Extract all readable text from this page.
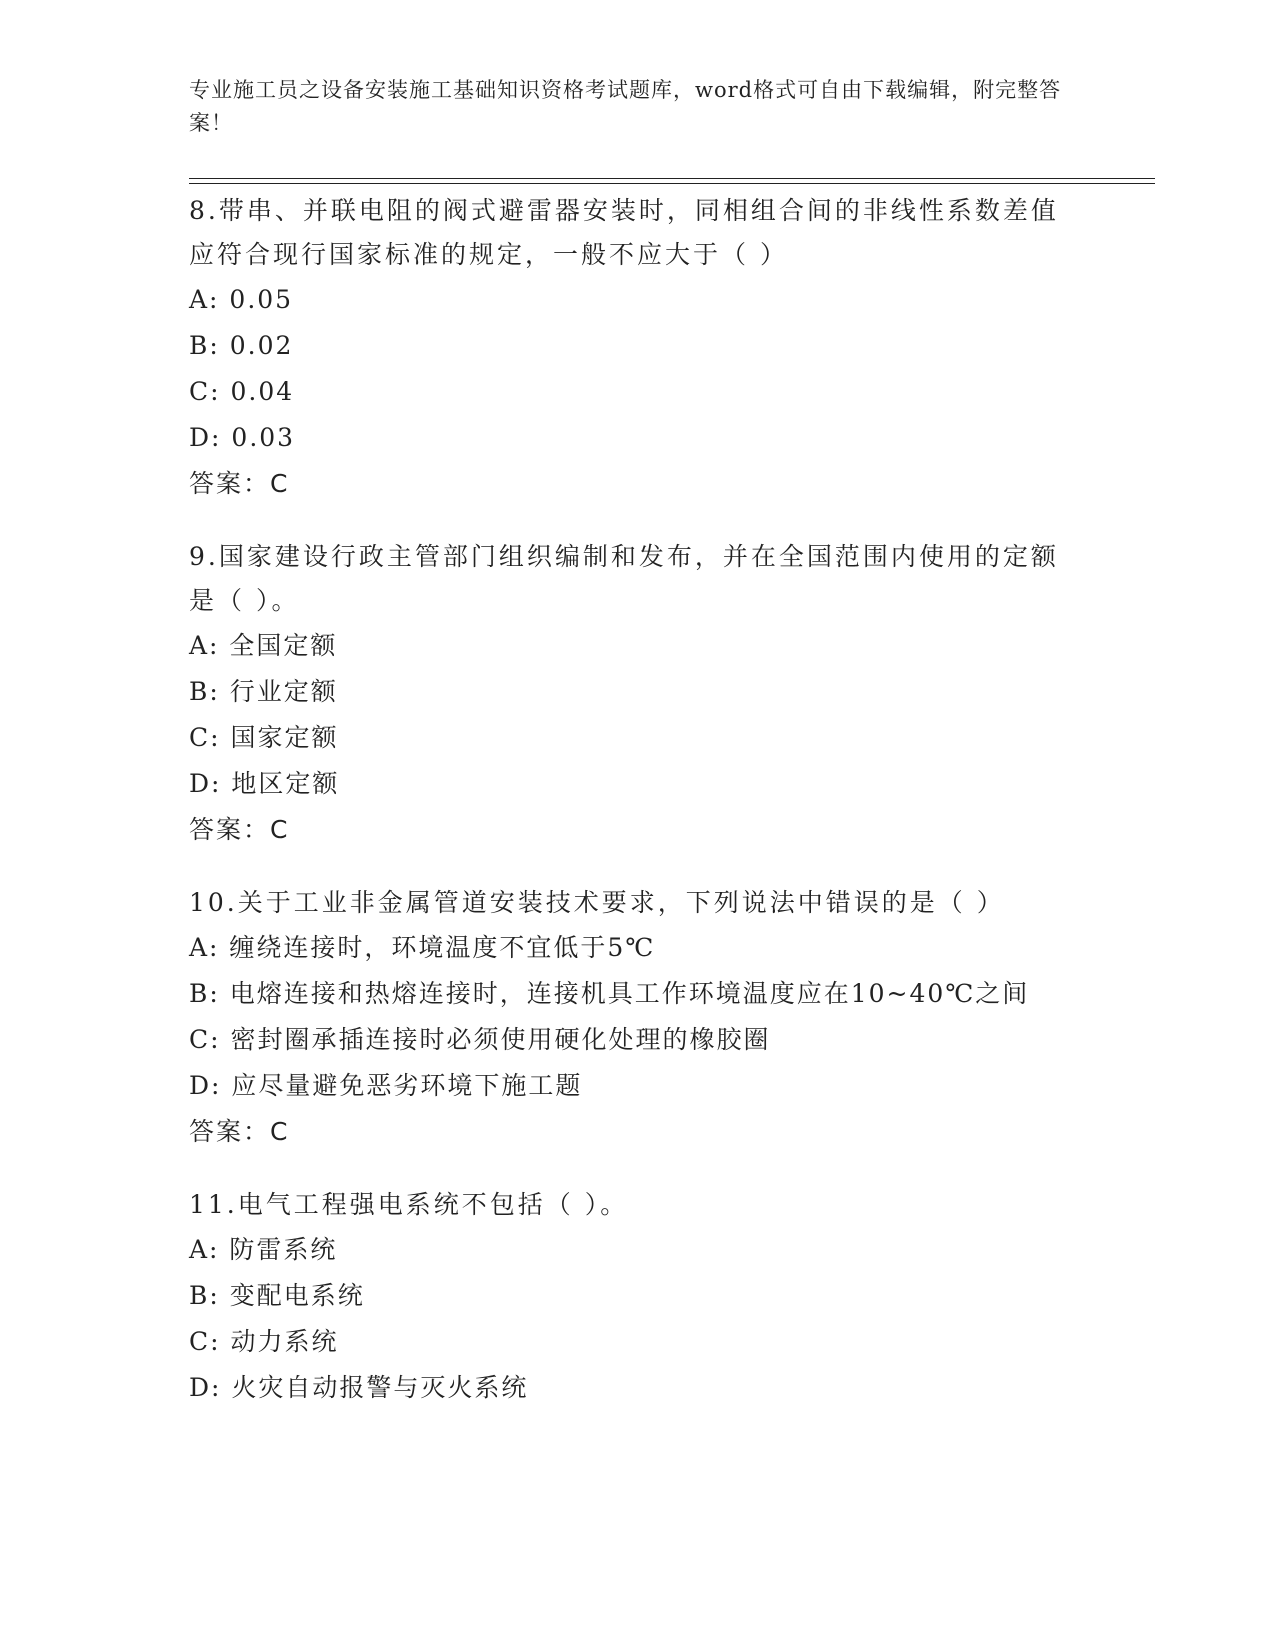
专业施工员之设备安装施工基础知识资格考试题库，word格式可自由下载编辑，附完整答案！
8.带串、并联电阻的阀式避雷器安装时，同相组合间的非线性系数差值应符合现行国家标准的规定，一般不应大于（ ）
A: 0.05
B: 0.02
C: 0.04
D: 0.03
答案：C
9.国家建设行政主管部门组织编制和发布，并在全国范围内使用的定额是（ ）。
A: 全国定额
B: 行业定额
C: 国家定额
D: 地区定额
答案：C
10.关于工业非金属管道安装技术要求，下列说法中错误的是（ ）
A: 缠绕连接时，环境温度不宜低于5℃
B: 电熔连接和热熔连接时，连接机具工作环境温度应在10~40℃之间
C: 密封圈承插连接时必须使用硬化处理的橡胶圈
D: 应尽量避免恶劣环境下施工题
答案：C
11.电气工程强电系统不包括（ ）。
A: 防雷系统
B: 变配电系统
C: 动力系统
D: 火灾自动报警与灭火系统
